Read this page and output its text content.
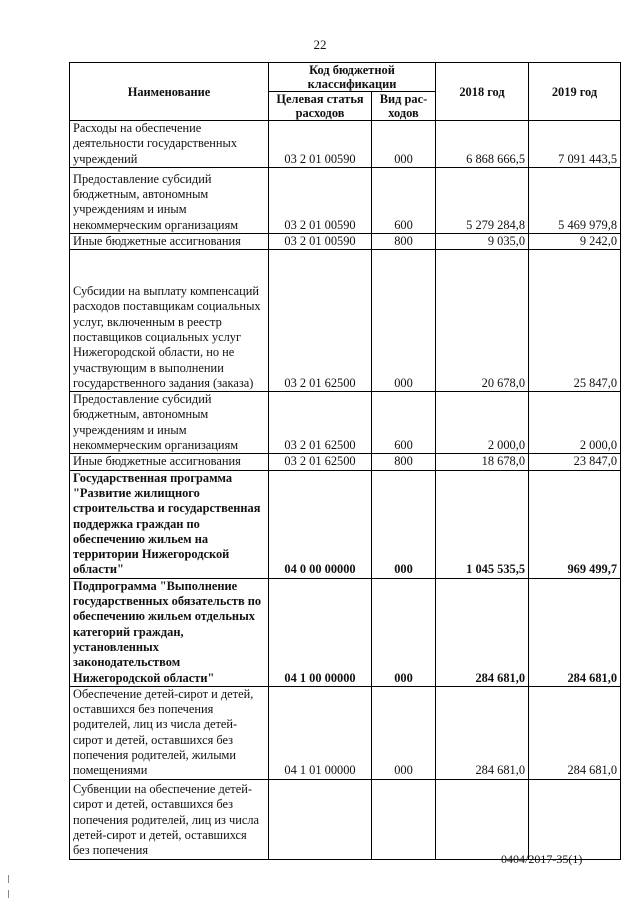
22
Наименование	Код бюджетной классификации		2018 год	2019 год
	Целевая статья расходов	Вид рас-ходов		
Расходы на обеспечение деятельности государственных учреждений	03 2 01 00590	000	6 868 666,5	7 091 443,5
Предоставление субсидий бюджетным, автономным учреждениям и иным некоммерческим организациям	03 2 01 00590	600	5 279 284,8	5 469 979,8
Иные бюджетные ассигнования	03 2 01 00590	800	9 035,0	9 242,0
Субсидии на выплату компенсаций расходов поставщикам социальных услуг, включенным в реестр поставщиков социальных услуг Нижегородской области, но не участвующим в выполнении государственного задания (заказа)	03 2 01 62500	000	20 678,0	25 847,0
Предоставление субсидий бюджетным, автономным учреждениям и иным некоммерческим организациям	03 2 01 62500	600	2 000,0	2 000,0
Иные бюджетные ассигнования	03 2 01 62500	800	18 678,0	23 847,0
Государственная программа "Развитие жилищного строительства и государственная поддержка граждан по обеспечению жильем на территории Нижегородской области"	04 0 00 00000	000	1 045 535,5	969 499,7
Подпрограмма "Выполнение государственных обязательств по обеспечению жильем отдельных категорий граждан, установленных законодательством Нижегородской области"	04 1 00 00000	000	284 681,0	284 681,0
Обеспечение детей-сирот и детей, оставшихся без попечения родителей, лиц из числа детей-сирот и детей, оставшихся без попечения родителей, жилыми помещениями	04 1 01 00000	000	284 681,0	284 681,0
Субвенции на обеспечение детей-сирот и детей, оставшихся без попечения родителей, лиц из числа детей-сирот и детей, оставшихся без попечения				
0404/2017-35(1)
